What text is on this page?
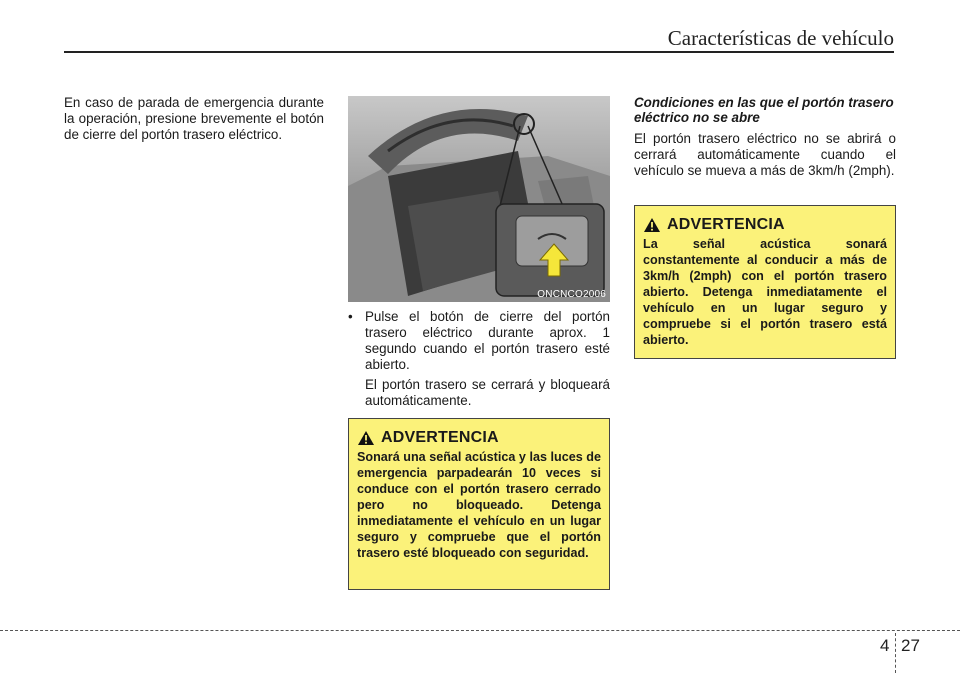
Características de vehículo

En caso de parada de emergencia durante la operación, presione brevemente el botón de cierre del portón trasero eléctrico.

ONCNCO2006
• Pulse el botón de cierre del portón trasero eléctrico durante aprox. 1 segundo cuando el portón trasero esté abierto.

El portón trasero se cerrará y bloqueará automáticamente.

ADVERTENCIA
Sonará una señal acústica y las luces de emergencia parpadearán 10 veces si conduce con el portón trasero cerrado pero no bloqueado. Detenga inmediatamente el vehículo en un lugar seguro y compruebe que el portón trasero esté bloqueado con seguridad.
Condiciones en las que el portón trasero eléctrico no se abre

El portón trasero eléctrico no se abrirá o cerrará automáticamente cuando el vehículo se mueva a más de 3km/h (2mph).

ADVERTENCIA
La señal acústica sonará constantemente al conducir a más de 3km/h (2mph) con el portón trasero abierto. Detenga inmediatamente el vehículo en un lugar seguro y compruebe si el portón trasero está abierto.
4 27
